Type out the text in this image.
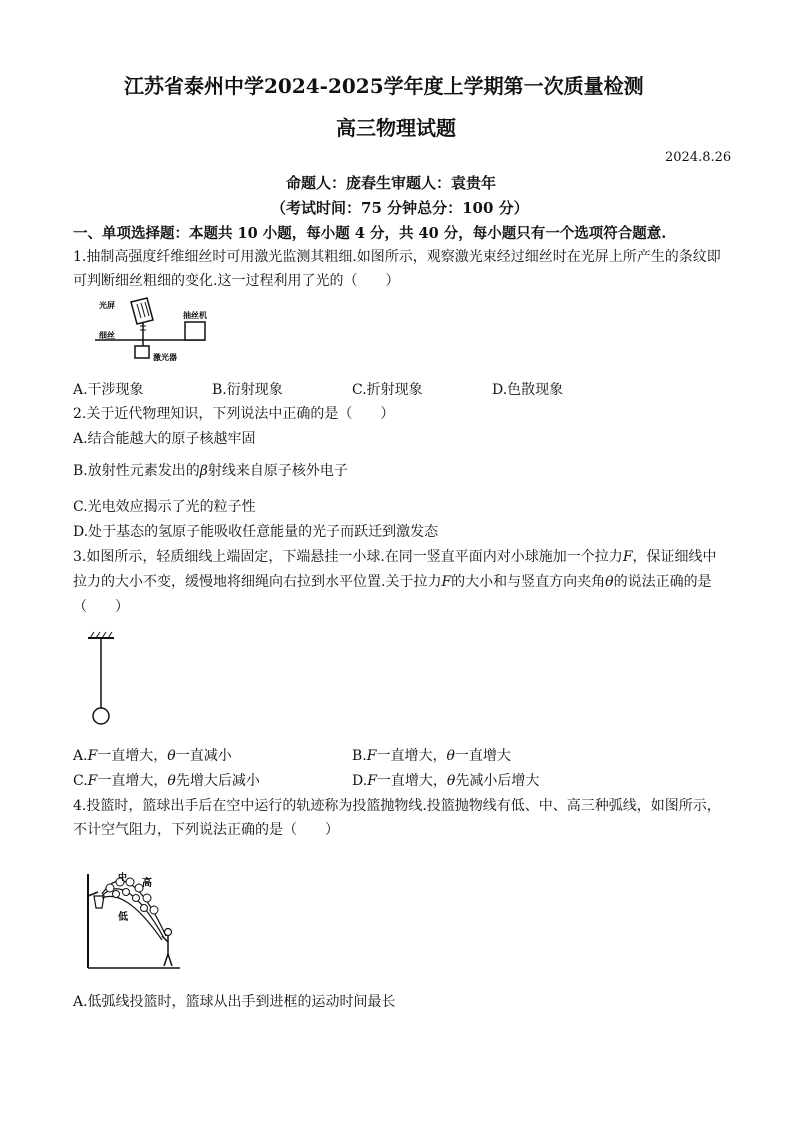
江苏省泰州中学2024-2025学年度上学期第一次质量检测
高三物理试题
2024.8.26
命题人：庞春生审题人：袁贵年
（考试时间：75 分钟总分：100 分）
一、单项选择题：本题共 10 小题，每小题 4 分，共 40 分，每小题只有一个选项符合题意.
1.抽制高强度纤维细丝时可用激光监测其粗细.如图所示，观察激光束经过细丝时在光屏上所产生的条纹即
可判断细丝粗细的变化.这一过程利用了光的（　　）
光屏
抽丝机
细丝
激光器
A.干涉现象	B.衍射现象	C.折射现象	D.色散现象
2.关于近代物理知识，下列说法中正确的是（　　）
A.结合能越大的原子核越牢固
B.放射性元素发出的β射线来自原子核外电子
C.光电效应揭示了光的粒子性
D.处于基态的氢原子能吸收任意能量的光子而跃迁到激发态
3.如图所示，轻质细线上端固定，下端悬挂一小球.在同一竖直平面内对小球施加一个拉力F，保证细线中
拉力的大小不变，缓慢地将细绳向右拉到水平位置.关于拉力F的大小和与竖直方向夹角θ的说法正确的是
（　　）
A.F一直增大，θ一直减小	B.F一直增大，θ一直增大
C.F一直增大，θ先增大后减小	D.F一直增大，θ先减小后增大
4.投篮时，篮球出手后在空中运行的轨迹称为投篮抛物线.投篮抛物线有低、中、高三种弧线，如图所示，
不计空气阻力，下列说法正确的是（　　）
高
中
低
A.低弧线投篮时，篮球从出手到进框的运动时间最长
